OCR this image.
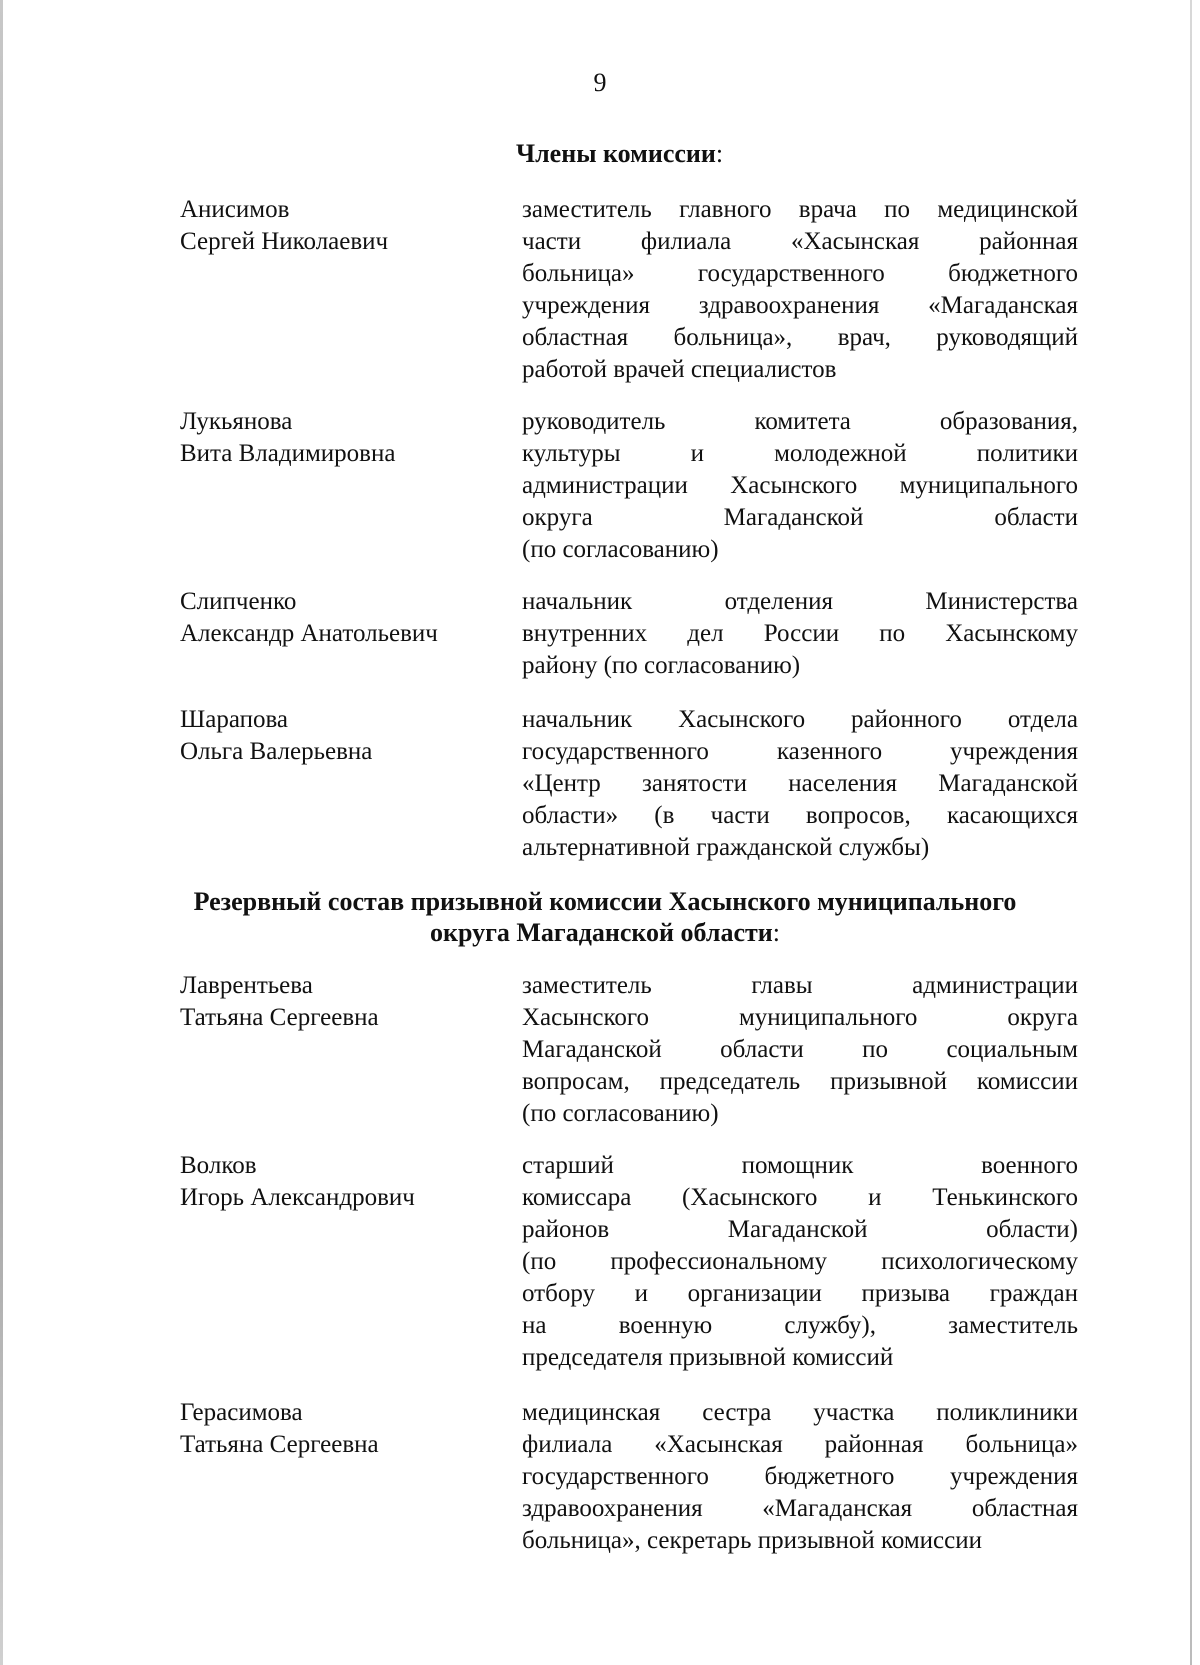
9
Члены комиссии:
Анисимов
Сергей Николаевич
заместитель главного врача по медицинской
части филиала «Хасынская районная
больница» государственного бюджетного
учреждения здравоохранения «Магаданская
областная больница», врач, руководящий
работой врачей специалистов
Лукьянова
Вита Владимировна
руководитель комитета образования,
культуры и молодежной политики
администрации Хасынского муниципального
округа Магаданской области
(по согласованию)
Слипченко
Александр Анатольевич
начальник отделения Министерства
внутренних дел России по Хасынскому
району (по согласованию)
Шарапова
Ольга Валерьевна
начальник Хасынского районного отдела
государственного казенного учреждения
«Центр занятости населения Магаданской
области» (в части вопросов, касающихся
альтернативной гражданской службы)
Резервный состав призывной комиссии Хасынского муниципального
округа Магаданской области:
Лаврентьева
Татьяна Сергеевна
заместитель главы администрации
Хасынского муниципального округа
Магаданской области по социальным
вопросам, председатель призывной комиссии
(по согласованию)
Волков
Игорь Александрович
старший помощник военного
комиссара (Хасынского и Тенькинского
районов Магаданской области)
(по профессиональному психологическому
отбору и организации призыва граждан
на военную службу), заместитель
председателя призывной комиссий
Герасимова
Татьяна Сергеевна
медицинская сестра участка поликлиники
филиала «Хасынская районная больница»
государственного бюджетного учреждения
здравоохранения «Магаданская областная
больница», секретарь призывной комиссии
